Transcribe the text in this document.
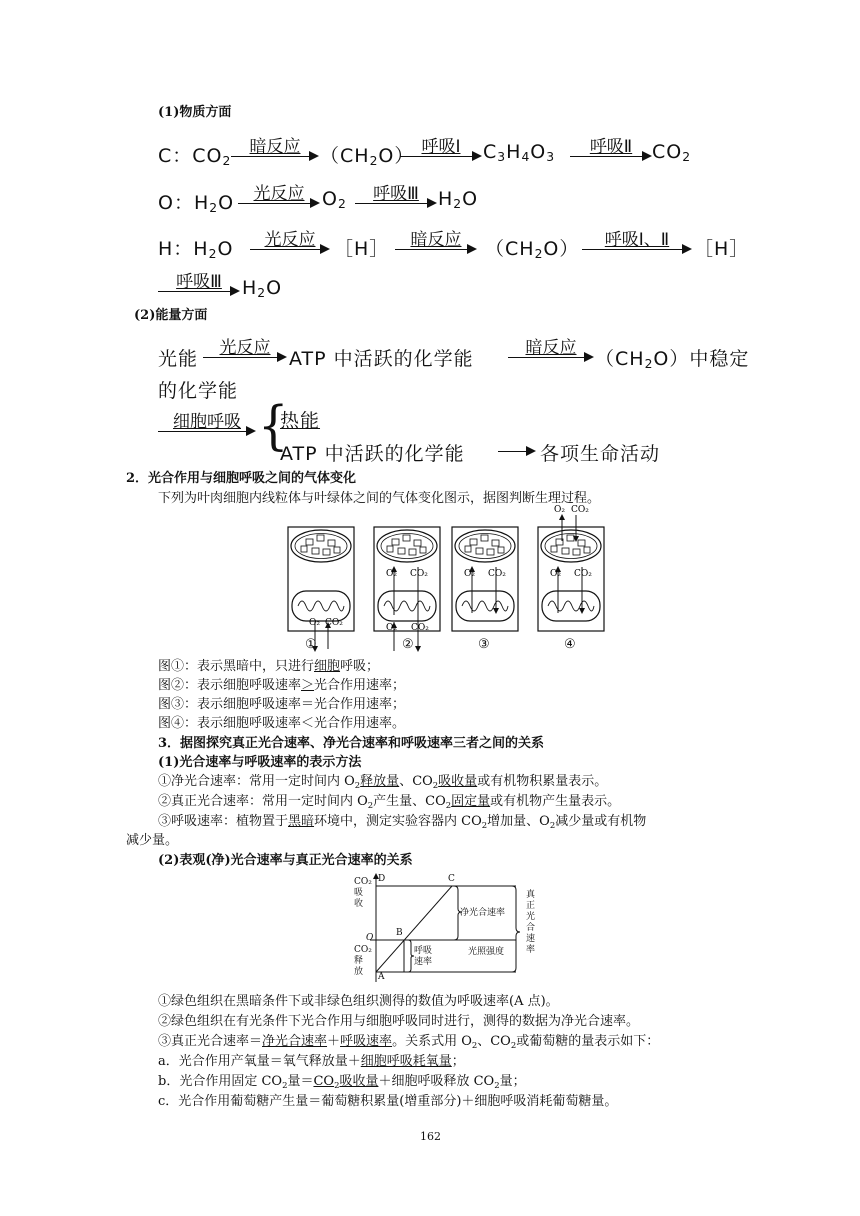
(1)物质方面
C：$CO_2$
暗反应	$(CH_2O)$ 呼吸Ⅰ	$C_3H_4O_3$	呼吸Ⅱ	$CO_2$
O：$H_2O$	光反应 $O_2$	呼吸Ⅲ	$H_2O$
H：$H_2O$	光反应 ［H］	暗反应	$(CH_2O)$	呼吸Ⅰ、Ⅱ	［H］
呼吸Ⅲ	$H_2O$
(2)能量方面
光能	光反应 ATP 中活跃的化学能	暗反应 $(CH_2O)$中稳定
的化学能
细胞呼吸 {
热能
ATP 中活跃的化学能	各项生命活动
2．光合作用与细胞呼吸之间的气体变化
下列为叶肉细胞内线粒体与叶绿体之间的气体变化图示，据图判断生理过程。
O₂ CO₂
O₂ CO₂
O₂ CO₂
O₂ CO₂	O₂ CO₂
O₂ CO₂
①	②	③	④
图①：表示黑暗中，只进行细胞呼吸；
图②：表示细胞呼吸速率＞光合作用速率；
图③：表示细胞呼吸速率＝光合作用速率；
图④：表示细胞呼吸速率＜光合作用速率。
3．据图探究真正光合速率、净光合速率和呼吸速率三者之间的关系
(1)光合速率与呼吸速率的表示方法
①净光合速率：常用一定时间内 $O_2$释放量、$CO_2$吸收量或有机物积累量表示。
②真正光合速率：常用一定时间内 $O_2$产生量、$CO_2$固定量或有机物产生量表示。
③呼吸速率：植物置于黑暗环境中，测定实验容器内 $CO_2$增加量、$O_2$减少量或有机物
减少量。
(2)表观(净)光合速率与真正光合速率的关系
CO₂
吸
收
CO₂
释
放
D	C
B
A
O
净光合速率
呼吸
速率
光照强度
真
正
光
合
速
率
①绿色组织在黑暗条件下或非绿色组织测得的数值为呼吸速率(A 点)。
②绿色组织在有光条件下光合作用与细胞呼吸同时进行，测得的数据为净光合速率。
③真正光合速率＝净光合速率＋呼吸速率。关系式用 $O_2$、$CO_2$或葡萄糖的量表示如下：
a．光合作用产氧量＝氧气释放量＋细胞呼吸耗氧量；
b．光合作用固定 $CO_2$量$=CO_2$吸收量＋细胞呼吸释放 $CO_2$量；
c．光合作用葡萄糖产生量＝葡萄糖积累量(增重部分)＋细胞呼吸消耗葡萄糖量。
162
